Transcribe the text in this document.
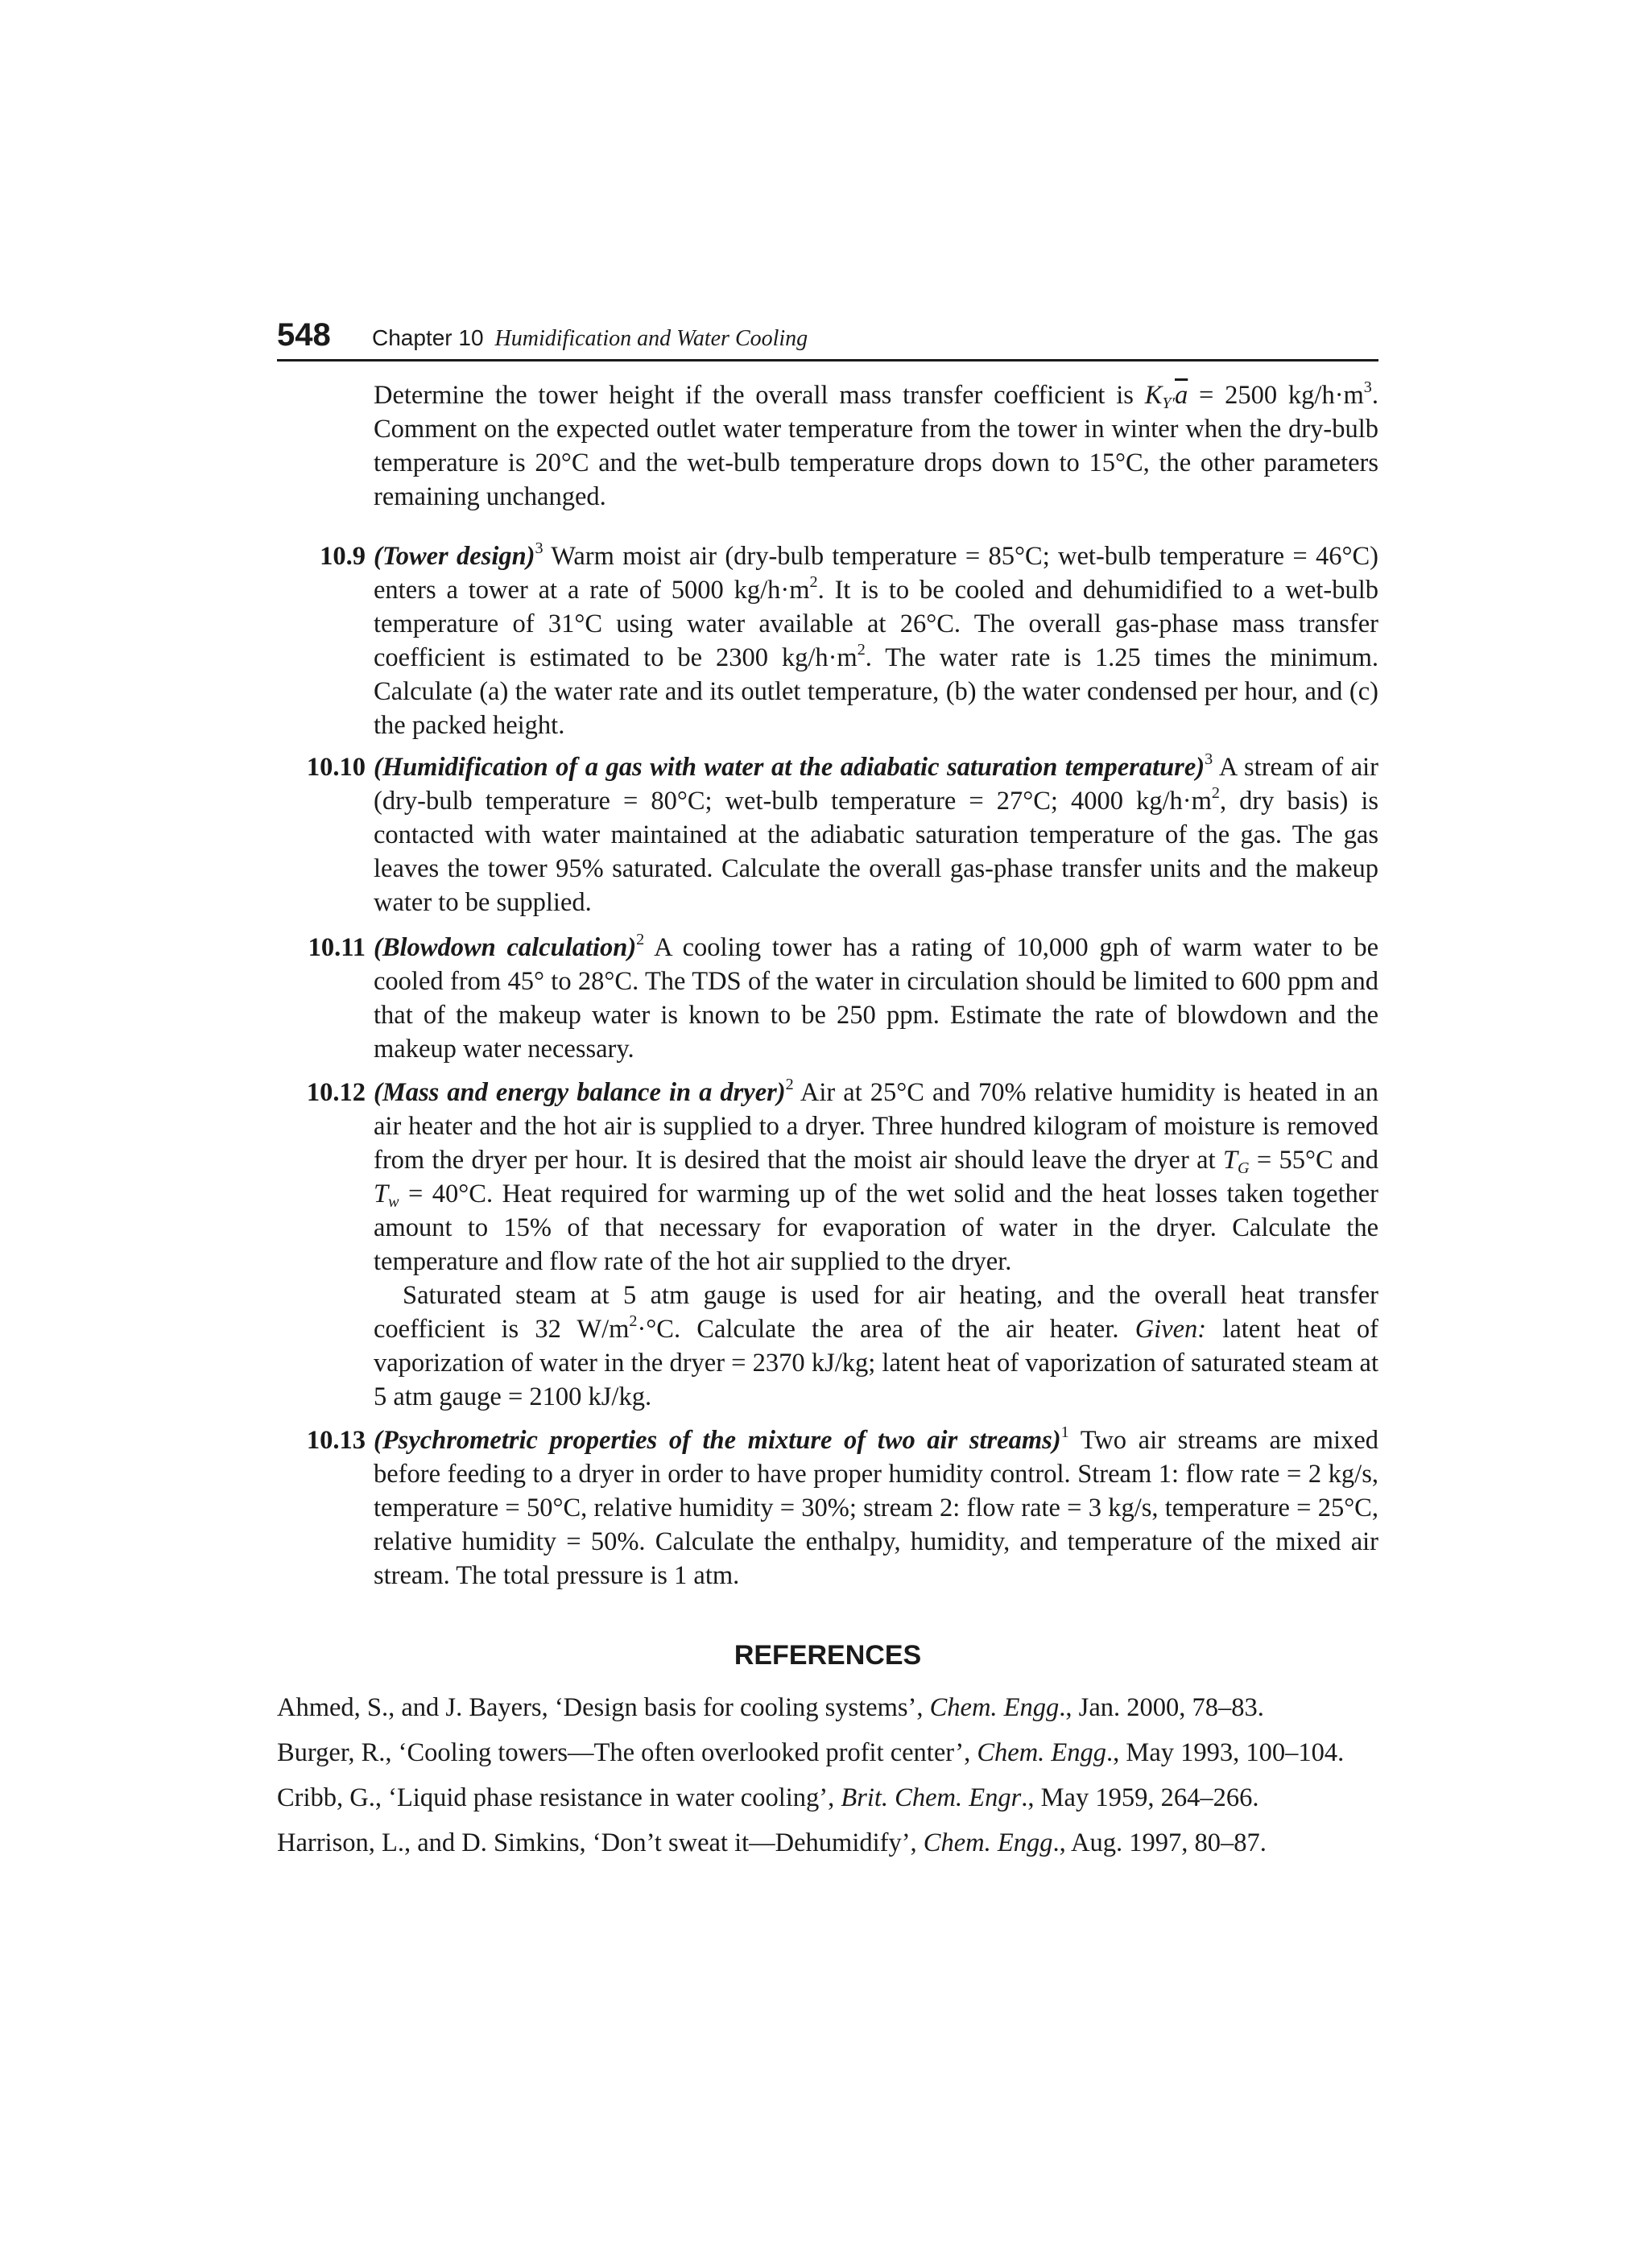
548 Chapter 10 Humidification and Water Cooling
Determine the tower height if the overall mass transfer coefficient is $K_{Y'}\overline{a} = 2500$ $kg/h\cdot m^3$. Comment on the expected outlet water temperature from the tower in winter when the dry-bulb temperature is 20°C and the wet-bulb temperature drops down to 15°C, the other parameters remaining unchanged.
10.9 (Tower design)$^3$ Warm moist air (dry-bulb temperature = 85°C; wet-bulb temperature = 46°C) enters a tower at a rate of 5000 $kg/h\cdot m^2$. It is to be cooled and dehumidified to a wet-bulb temperature of 31°C using water available at 26°C. The overall gas-phase mass transfer coefficient is estimated to be 2300 $kg/h\cdot m^2$. The water rate is 1.25 times the minimum. Calculate (a) the water rate and its outlet temperature, (b) the water condensed per hour, and (c) the packed height.
10.10 (Humidification of a gas with water at the adiabatic saturation temperature)$^3$ A stream of air (dry-bulb temperature = 80°C; wet-bulb temperature = 27°C; 4000 $kg/h\cdot m^2$, dry basis) is contacted with water maintained at the adiabatic saturation temperature of the gas. The gas leaves the tower 95% saturated. Calculate the overall gas-phase transfer units and the makeup water to be supplied.
10.11 (Blowdown calculation)$^2$ A cooling tower has a rating of 10,000 gph of warm water to be cooled from 45° to 28°C. The TDS of the water in circulation should be limited to 600 ppm and that of the makeup water is known to be 250 ppm. Estimate the rate of blowdown and the makeup water necessary.
10.12 (Mass and energy balance in a dryer)$^2$ Air at 25°C and 70% relative humidity is heated in an air heater and the hot air is supplied to a dryer. Three hundred kilogram of moisture is removed from the dryer per hour. It is desired that the moist air should leave the dryer at $T_G = 55^\circ C$ and $T_w = 40^\circ C$. Heat required for warming up of the wet solid and the heat losses taken together amount to 15% of that necessary for evaporation of water in the dryer. Calculate the temperature and flow rate of the hot air supplied to the dryer.
Saturated steam at 5 atm gauge is used for air heating, and the overall heat transfer coefficient is 32 $W/m^2\cdot^\circ C$. Calculate the area of the air heater. Given: latent heat of vaporization of water in the dryer = 2370 kJ/kg; latent heat of vaporization of saturated steam at 5 atm gauge = 2100 kJ/kg.
10.13 (Psychrometric properties of the mixture of two air streams)$^1$ Two air streams are mixed before feeding to a dryer in order to have proper humidity control. Stream 1: flow rate = 2 kg/s, temperature = 50°C, relative humidity = 30%; stream 2: flow rate = 3 kg/s, temperature = 25°C, relative humidity = 50%. Calculate the enthalpy, humidity, and temperature of the mixed air stream. The total pressure is 1 atm.
REFERENCES
Ahmed, S., and J. Bayers, ‘Design basis for cooling systems’, Chem. Engg., Jan. 2000, 78–83.
Burger, R., ‘Cooling towers—The often overlooked profit center’, Chem. Engg., May 1993, 100–104.
Cribb, G., ‘Liquid phase resistance in water cooling’, Brit. Chem. Engr., May 1959, 264–266.
Harrison, L., and D. Simkins, ‘Don’t sweat it—Dehumidify’, Chem. Engg., Aug. 1997, 80–87.
